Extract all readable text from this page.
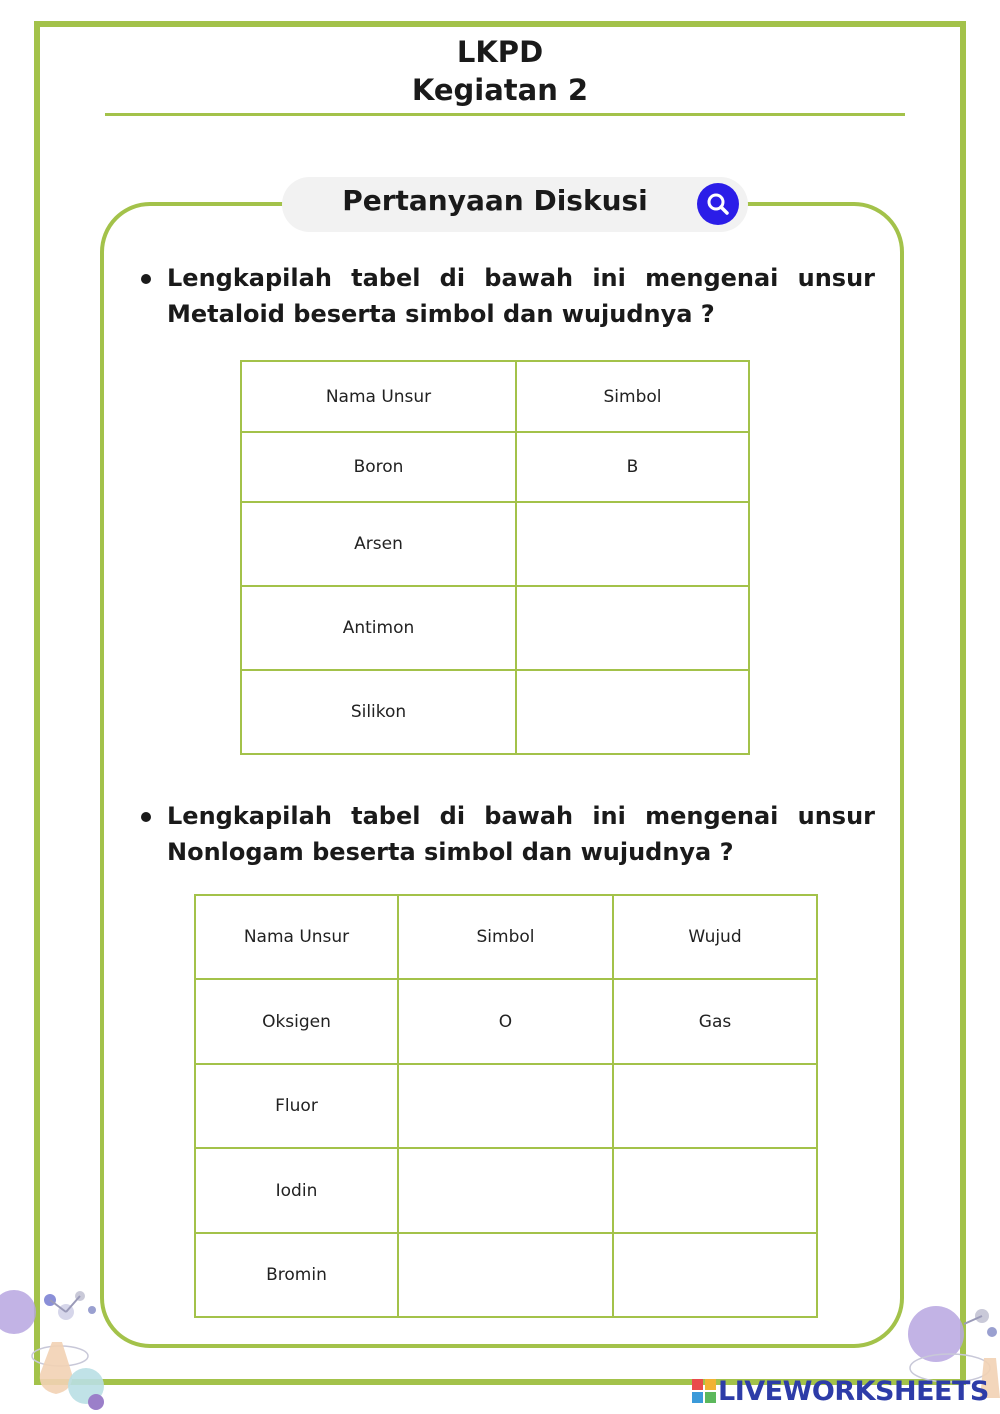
LKPD
Kegiatan 2
Pertanyaan Diskusi
Lengkapilah tabel di bawah ini mengenai unsur
Metaloid beserta simbol dan wujudnya ?
Nama Unsur	Simbol
Boron	B
Arsen	
Antimon	
Silikon	
Lengkapilah tabel di bawah ini mengenai unsur
Nonlogam beserta simbol dan wujudnya ?
Nama Unsur	Simbol	Wujud
Oksigen	O	Gas
Fluor		
Iodin		
Bromin		
LIVEWORKSHEETS
